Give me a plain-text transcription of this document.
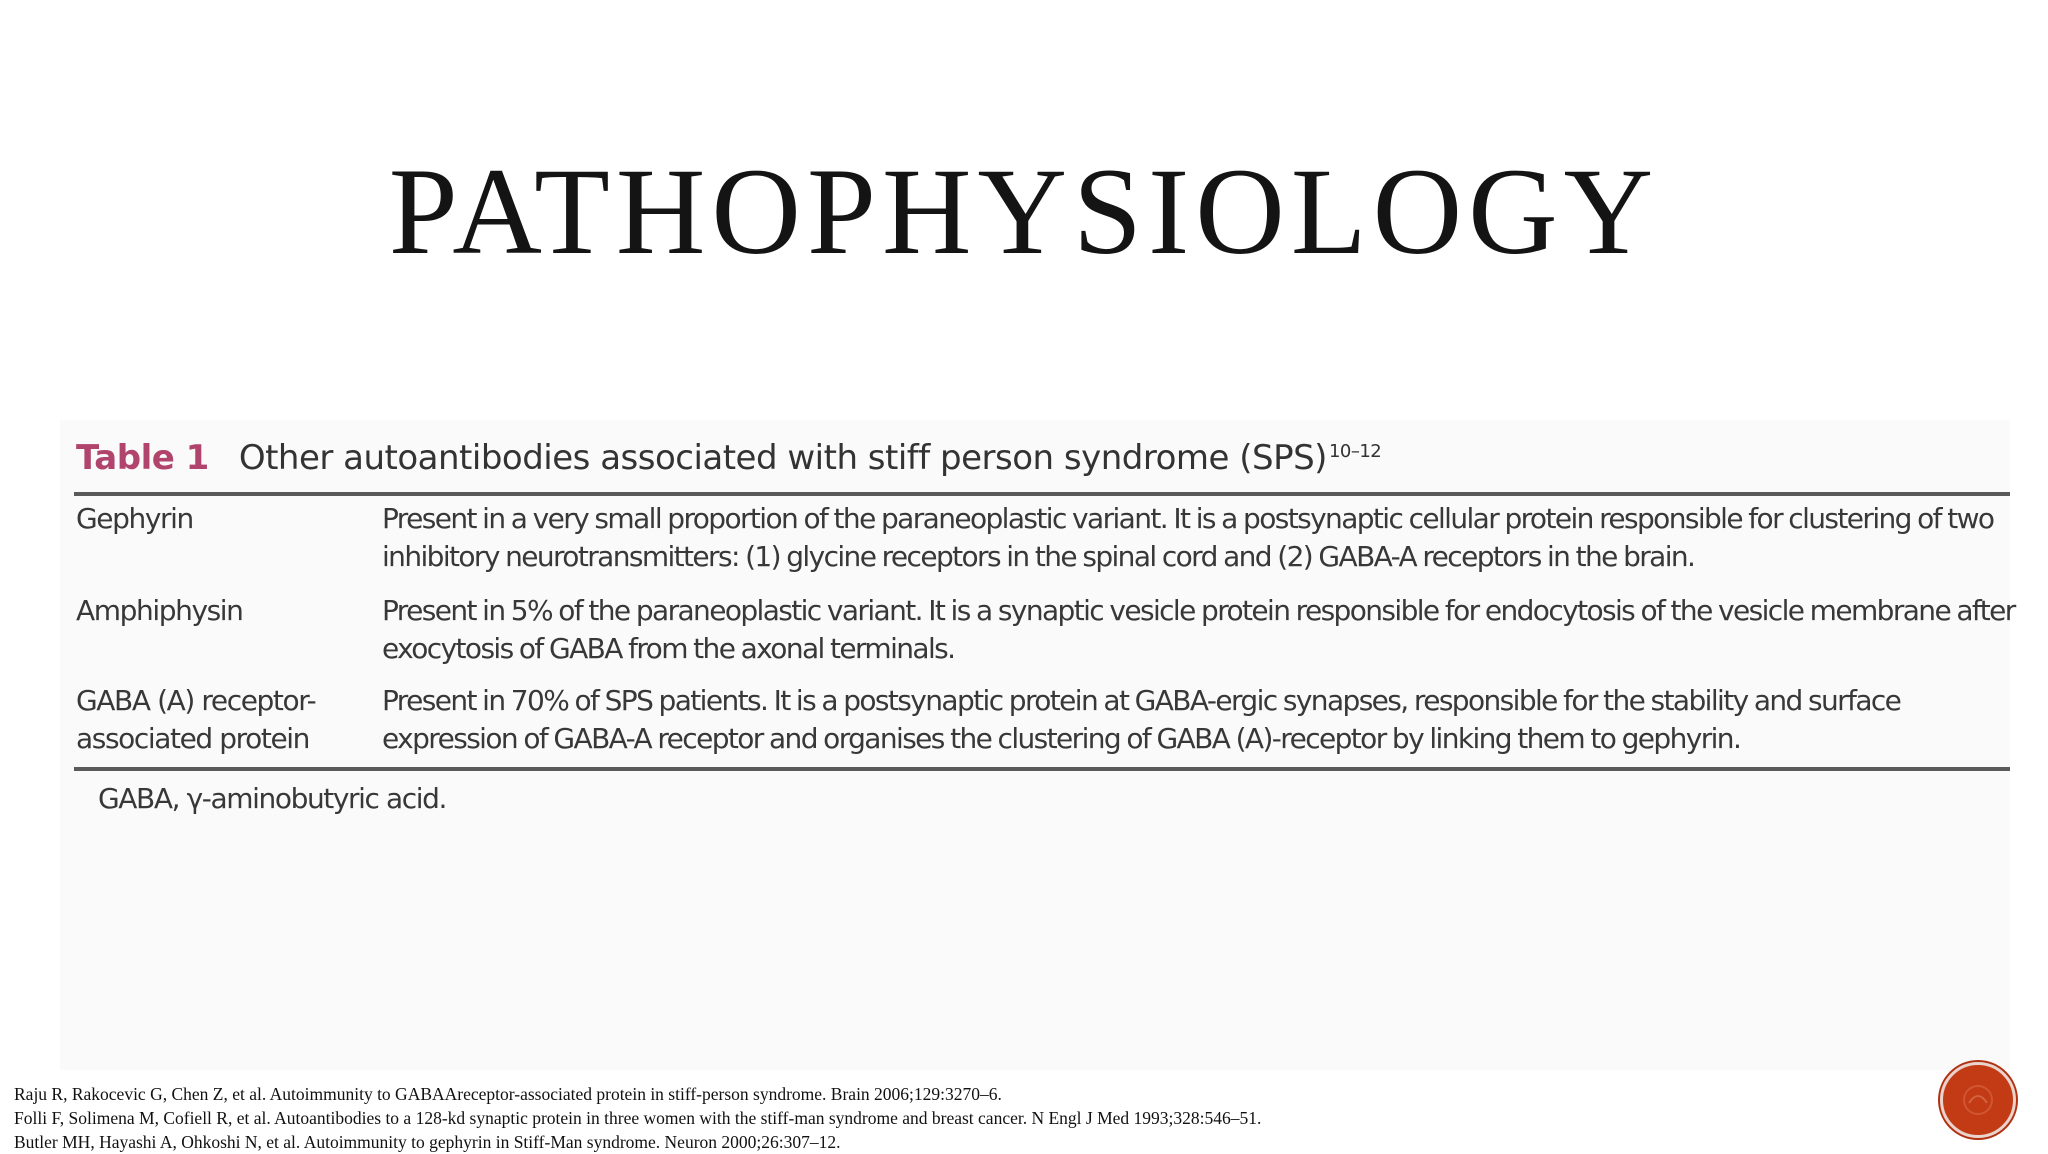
PATHOPHYSIOLOGY
Table 1 Other autoantibodies associated with stiff person syndrome (SPS) $^{10-12}$
Gephyrin	Present in a very small proportion of the paraneoplastic variant. It is a postsynaptic cellular protein responsible for clustering of two inhibitory neurotransmitters: (1) glycine receptors in the spinal cord and (2) GABA-A receptors in the brain.
Amphiphysin	Present in 5% of the paraneoplastic variant. It is a synaptic vesicle protein responsible for endocytosis of the vesicle membrane after exocytosis of GABA from the axonal terminals.
GABA (A) receptor-associated protein
Present in 70% of SPS patients. It is a postsynaptic protein at GABA-ergic synapses, responsible for the stability and surface expression of GABA-A receptor and organises the clustering of GABA (A)-receptor by linking them to gephyrin.
GABA, γ-aminobutyric acid.
Raju R, Rakocevic G, Chen Z, et al. Autoimmunity to GABAAreceptor-associated protein in stiff-person syndrome. Brain 2006;129:3270–6.
Folli F, Solimena M, Cofiell R, et al. Autoantibodies to a 128-kd synaptic protein in three women with the stiff-man syndrome and breast cancer. N Engl J Med 1993;328:546–51.
Butler MH, Hayashi A, Ohkoshi N, et al. Autoimmunity to gephyrin in Stiff-Man syndrome. Neuron 2000;26:307–12.
